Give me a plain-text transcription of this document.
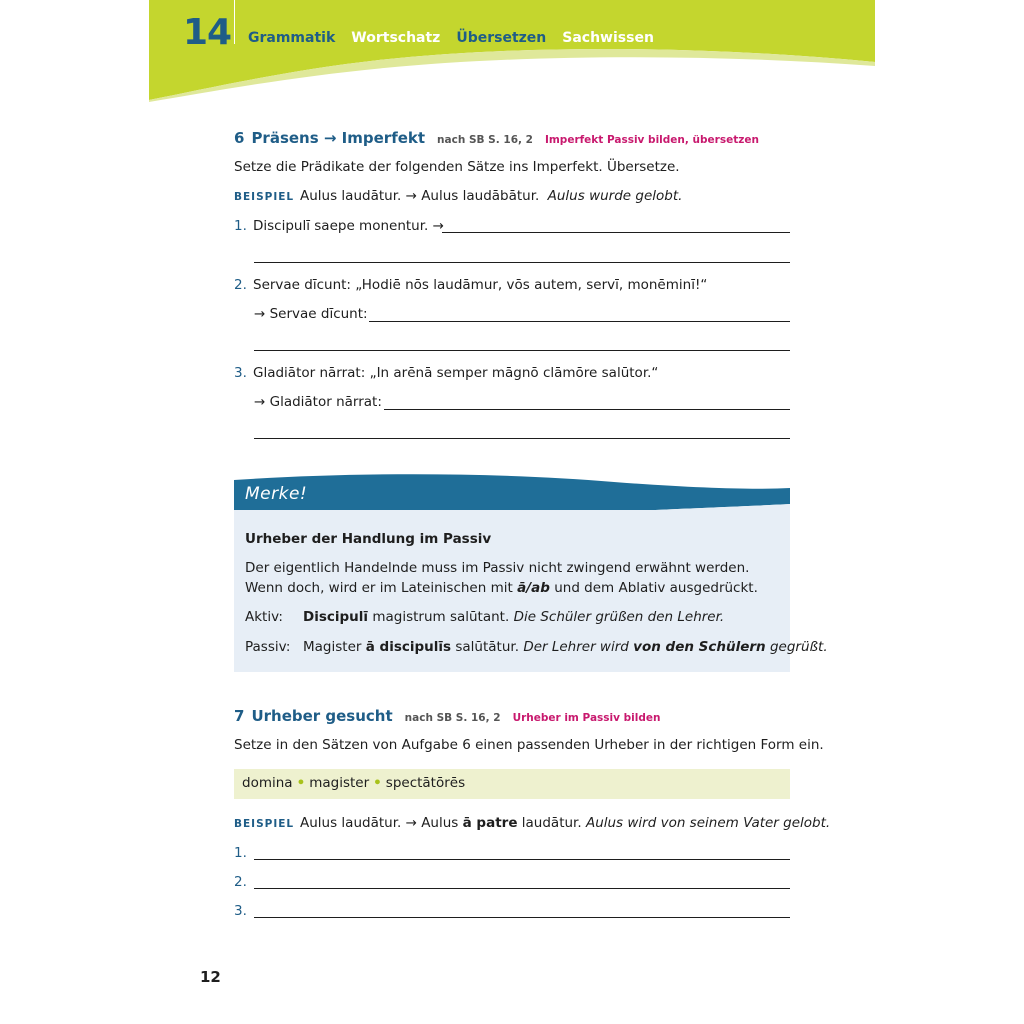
14 Grammatik Wortschatz Übersetzen Sachwissen
6 Präsens → Imperfekt nach SB S. 16, 2 Imperfekt Passiv bilden, übersetzen
Setze die Prädikate der folgenden Sätze ins Imperfekt. Übersetze.
BEISPIEL Aulus laudātur. → Aulus laudābātur. Aulus wurde gelobt.
1. Discipulī saepe monentur. →
2. Servae dīcunt: „Hodiē nōs laudāmur, vōs autem, servī, monēminī!“
→ Servae dīcunt:
3. Gladiātor nārrat: „In arēnā semper māgnō clāmōre salūtor.“
→ Gladiātor nārrat:
Merke!
Urheber der Handlung im Passiv
Der eigentlich Handelnde muss im Passiv nicht zwingend erwähnt werden.
Wenn doch, wird er im Lateinischen mit ā/ab und dem Ablativ ausgedrückt.
Aktiv: Discipulī magistrum salūtant. Die Schüler grüßen den Lehrer.
Passiv: Magister ā discipulīs salūtātur. Der Lehrer wird von den Schülern gegrüßt.
7 Urheber gesucht nach SB S. 16, 2 Urheber im Passiv bilden
Setze in den Sätzen von Aufgabe 6 einen passenden Urheber in der richtigen Form ein.
domina • magister • spectātōrēs
BEISPIEL Aulus laudātur. → Aulus ā patre laudātur. Aulus wird von seinem Vater gelobt.
1.
2.
3.
12
